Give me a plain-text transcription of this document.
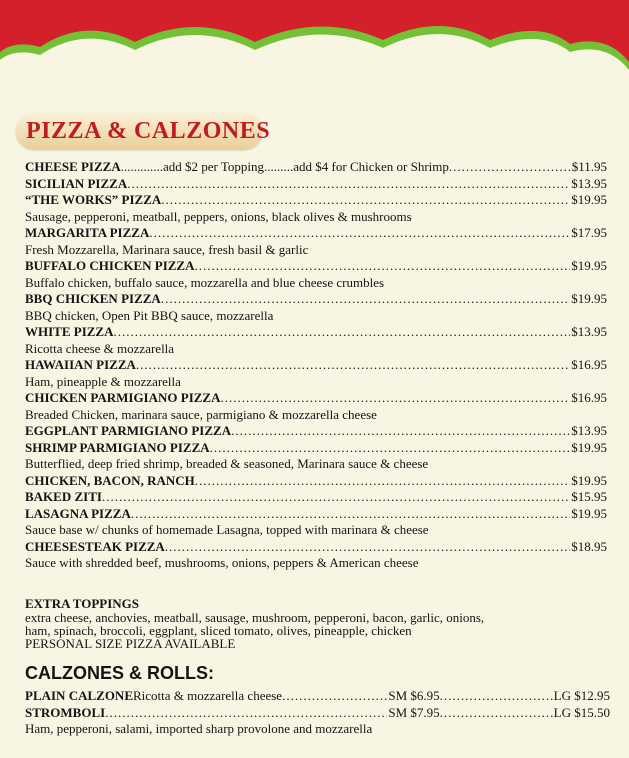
PIZZA & CALZONES
CHEESE PIZZA .............add $2 per Topping.........add $4 for Chicken or Shrimp .....	$11.95
SICILIAN PIZZA .....	$13.95
“THE WORKS” PIZZA .....	$19.95
Sausage, pepperoni, meatball, peppers, onions, black olives & mushrooms
MARGARITA PIZZA .....	$17.95
Fresh Mozzarella, Marinara sauce, fresh basil & garlic
BUFFALO CHICKEN PIZZA .....	$19.95
Buffalo chicken, buffalo sauce, mozzarella and blue cheese crumbles
BBQ CHICKEN PIZZA .....	$19.95
BBQ chicken, Open Pit BBQ sauce, mozzarella
WHITE PIZZA .....	$13.95
Ricotta cheese & mozzarella
HAWAIIAN PIZZA .....	$16.95
Ham, pineapple & mozzarella
CHICKEN PARMIGIANO PIZZA .....	$16.95
Breaded Chicken, marinara sauce, parmigiano & mozzarella cheese
EGGPLANT PARMIGIANO PIZZA .....	$13.95
SHRIMP PARMIGIANO PIZZA .....	$19.95
Butterflied, deep fried shrimp, breaded & seasoned, Marinara sauce & cheese
CHICKEN, BACON, RANCH .....	$19.95
BAKED ZITI .....	$15.95
LASAGNA PIZZA .....	$19.95
Sauce base w/ chunks of homemade Lasagna, topped with marinara & cheese
CHEESESTEAK PIZZA .....	$18.95
Sauce with shredded beef, mushrooms, onions, peppers & American cheese
EXTRA TOPPINGS
extra cheese, anchovies, meatball, sausage, mushroom, pepperoni, bacon, garlic, onions,
ham, spinach, broccoli, eggplant, sliced tomato, olives, pineapple, chicken
PERSONAL SIZE PIZZA AVAILABLE
CALZONES & ROLLS:
PLAIN CALZONE Ricotta & mozzarella cheese .....	SM $6.95 .....	LG $12.95
STROMBOLI .....	SM $7.95 .....	LG $15.50
Ham, pepperoni, salami, imported sharp provolone and mozzarella
